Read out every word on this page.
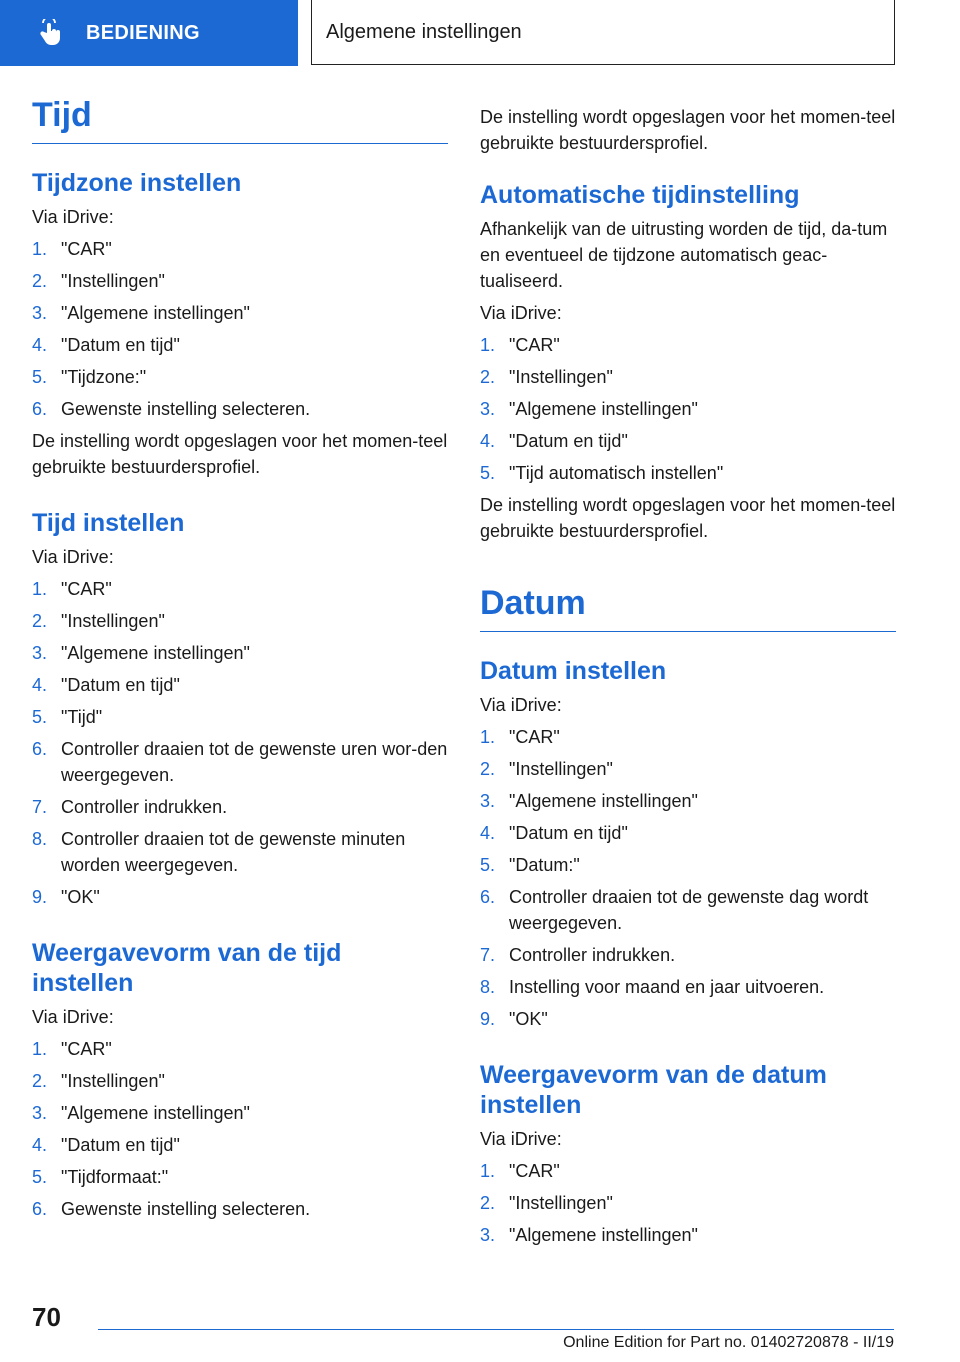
BEDIENING	Algemene instellingen
Tijd
Tijdzone instellen

Via iDrive:

1. "CAR"
2. "Instellingen"
3. "Algemene instellingen"
4. "Datum en tijd"
5. "Tijdzone:"
6. Gewenste instelling selecteren.

De instelling wordt opgeslagen voor het momen-teel gebruikte bestuurdersprofiel.

Tijd instellen

Via iDrive:

1. "CAR"
2. "Instellingen"
3. "Algemene instellingen"
4. "Datum en tijd"
5. "Tijd"
6. Controller draaien tot de gewenste uren wor-den weergegeven.
7. Controller indrukken.
8. Controller draaien tot de gewenste minuten worden weergegeven.
9. "OK"
Weergavevorm van de tijd instellen

Via iDrive:

1. "CAR"
2. "Instellingen"
3. "Algemene instellingen"
4. "Datum en tijd"
5. "Tijdformaat:"
6. Gewenste instelling selecteren.

De instelling wordt opgeslagen voor het momen-teel gebruikte bestuurdersprofiel.

Automatische tijdinstelling

Afhankelijk van de uitrusting worden de tijd, da-tum en eventueel de tijdzone automatisch geac-tualiseerd.

Via iDrive:

1. "CAR"
2. "Instellingen"
3. "Algemene instellingen"
4. "Datum en tijd"
5. "Tijd automatisch instellen"

De instelling wordt opgeslagen voor het momen-teel gebruikte bestuurdersprofiel.

Datum
Datum instellen

Via iDrive:

1. "CAR"
2. "Instellingen"
3. "Algemene instellingen"
4. "Datum en tijd"
5. "Datum:"
6. Controller draaien tot de gewenste dag wordt weergegeven.
7. Controller indrukken.
8. Instelling voor maand en jaar uitvoeren.
9. "OK"
Weergavevorm van de datum instellen

Via iDrive:

1. "CAR"
2. "Instellingen"
3. "Algemene instellingen"
70
Online Edition for Part no. 01402720878 - II/19
